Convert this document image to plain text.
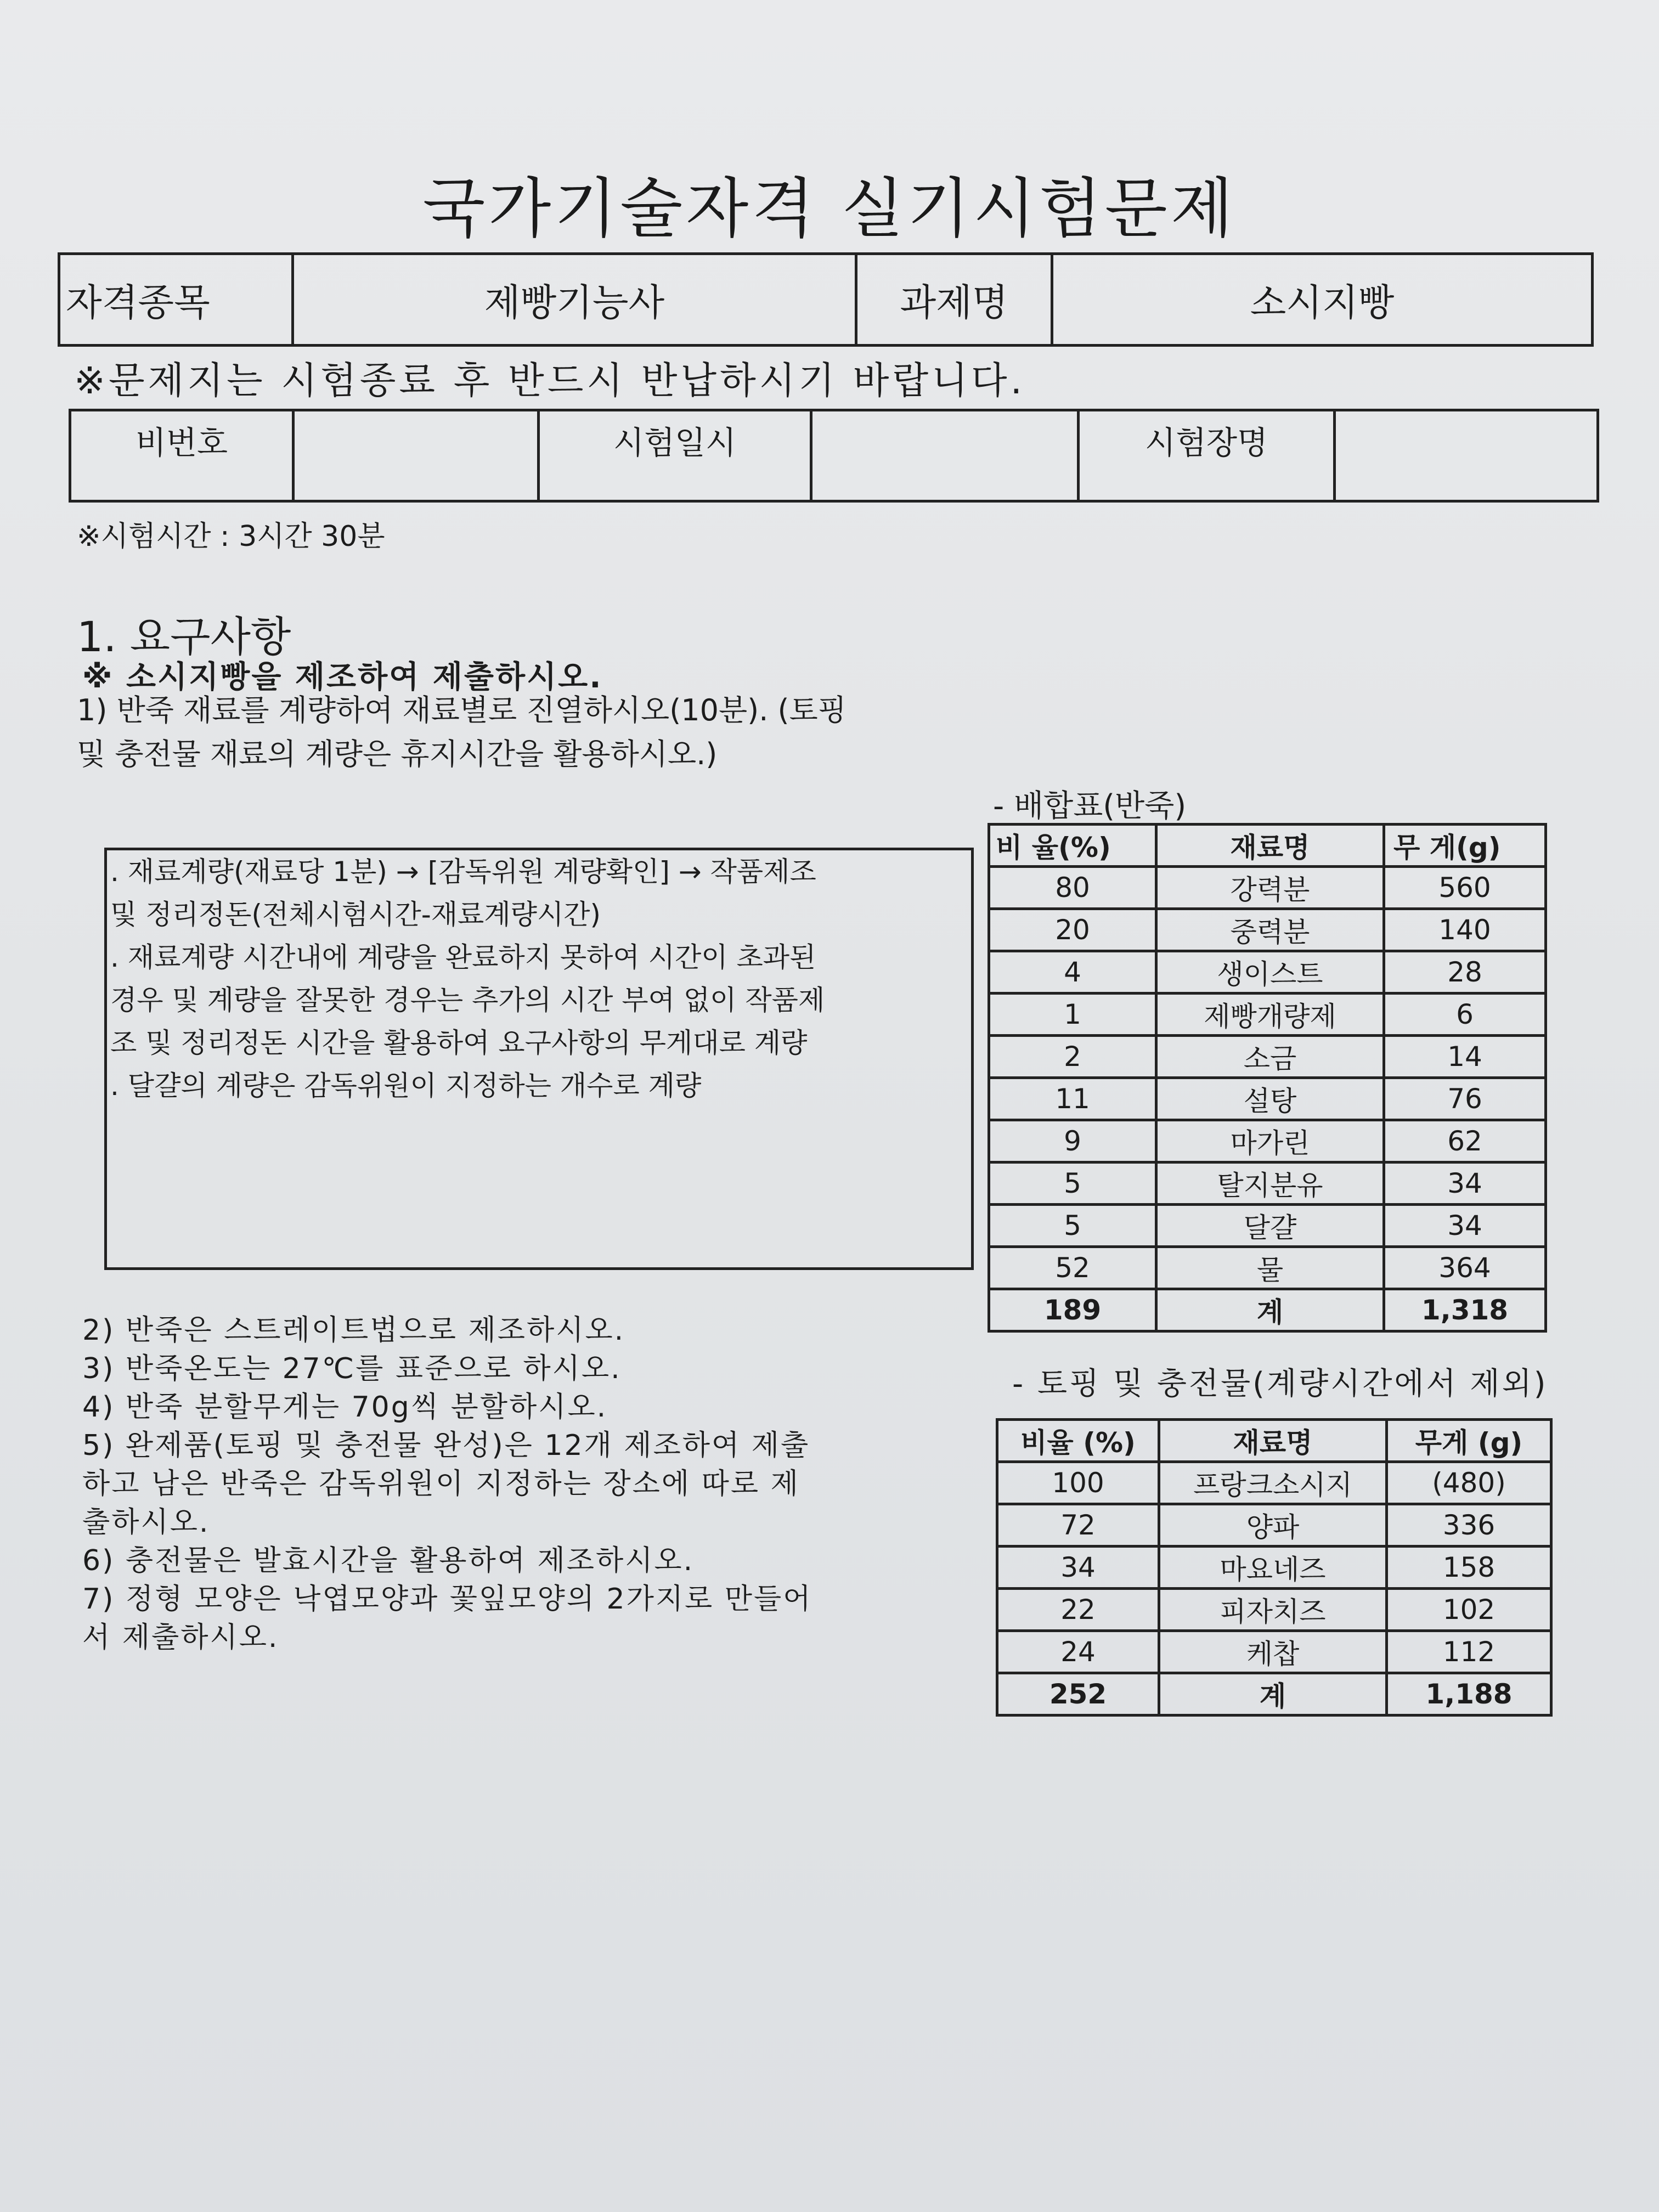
국가기술자격 실기시험문제
자격종목	제빵기능사	과제명	소시지빵
※문제지는 시험종료 후 반드시 반납하시기 바랍니다.
비번호		시험일시		시험장명	
※시험시간 : 3시간 30분
1. 요구사항
※ 소시지빵을 제조하여 제출하시오.
1) 반죽 재료를 계량하여 재료별로 진열하시오(10분). (토핑
및 충전물 재료의 계량은 휴지시간을 활용하시오.)
. 재료계량(재료당 1분) → [감독위원 계량확인] → 작품제조
및 정리정돈(전체시험시간-재료계량시간)
. 재료계량 시간내에 계량을 완료하지 못하여 시간이 초과된
경우 및 계량을 잘못한 경우는 추가의 시간 부여 없이 작품제
조 및 정리정돈 시간을 활용하여 요구사항의 무게대로 계량
. 달걀의 계량은 감독위원이 지정하는 개수로 계량
2) 반죽은 스트레이트법으로 제조하시오.
3) 반죽온도는 27℃를 표준으로 하시오.
4) 반죽 분할무게는 70g씩 분할하시오.
5) 완제품(토핑 및 충전물 완성)은 12개 제조하여 제출
하고 남은 반죽은 감독위원이 지정하는 장소에 따로 제
출하시오.
6) 충전물은 발효시간을 활용하여 제조하시오.
7) 정형 모양은 낙엽모양과 꽃잎모양의 2가지로 만들어
서 제출하시오.
- 배합표(반죽)
비 율(%)	재료명	무 게(g)
80	강력분	560
20	중력분	140
4	생이스트	28
1	제빵개량제	6
2	소금	14
11	설탕	76
9	마가린	62
5	탈지분유	34
5	달걀	34
52	물	364
189	계	1,318
- 토핑 및 충전물(계량시간에서 제외)
비율 (%)	재료명	무게 (g)
100	프랑크소시지	(480)
72	양파	336
34	마요네즈	158
22	피자치즈	102
24	케찹	112
252	계	1,188
